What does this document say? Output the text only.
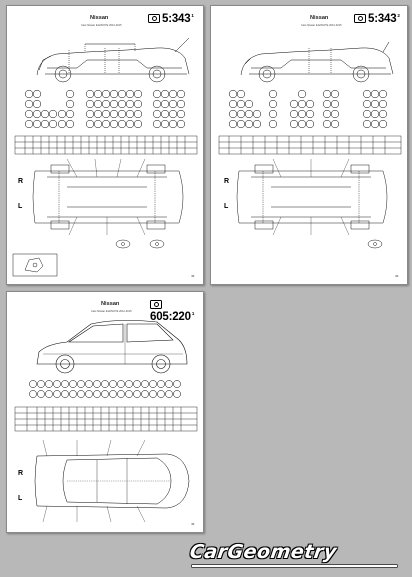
Nissan
Cars Nissan E12/NOTE 2012-2015
$5:343^1$
R
L
49
Nissan
Cars Nissan E12/NOTE 2012-2015
$5:343^2$
R
L
49
Nissan
Cars Nissan E12/NOTE 2012-2015 $605:220^1$
R
L
49
CarGeometry
